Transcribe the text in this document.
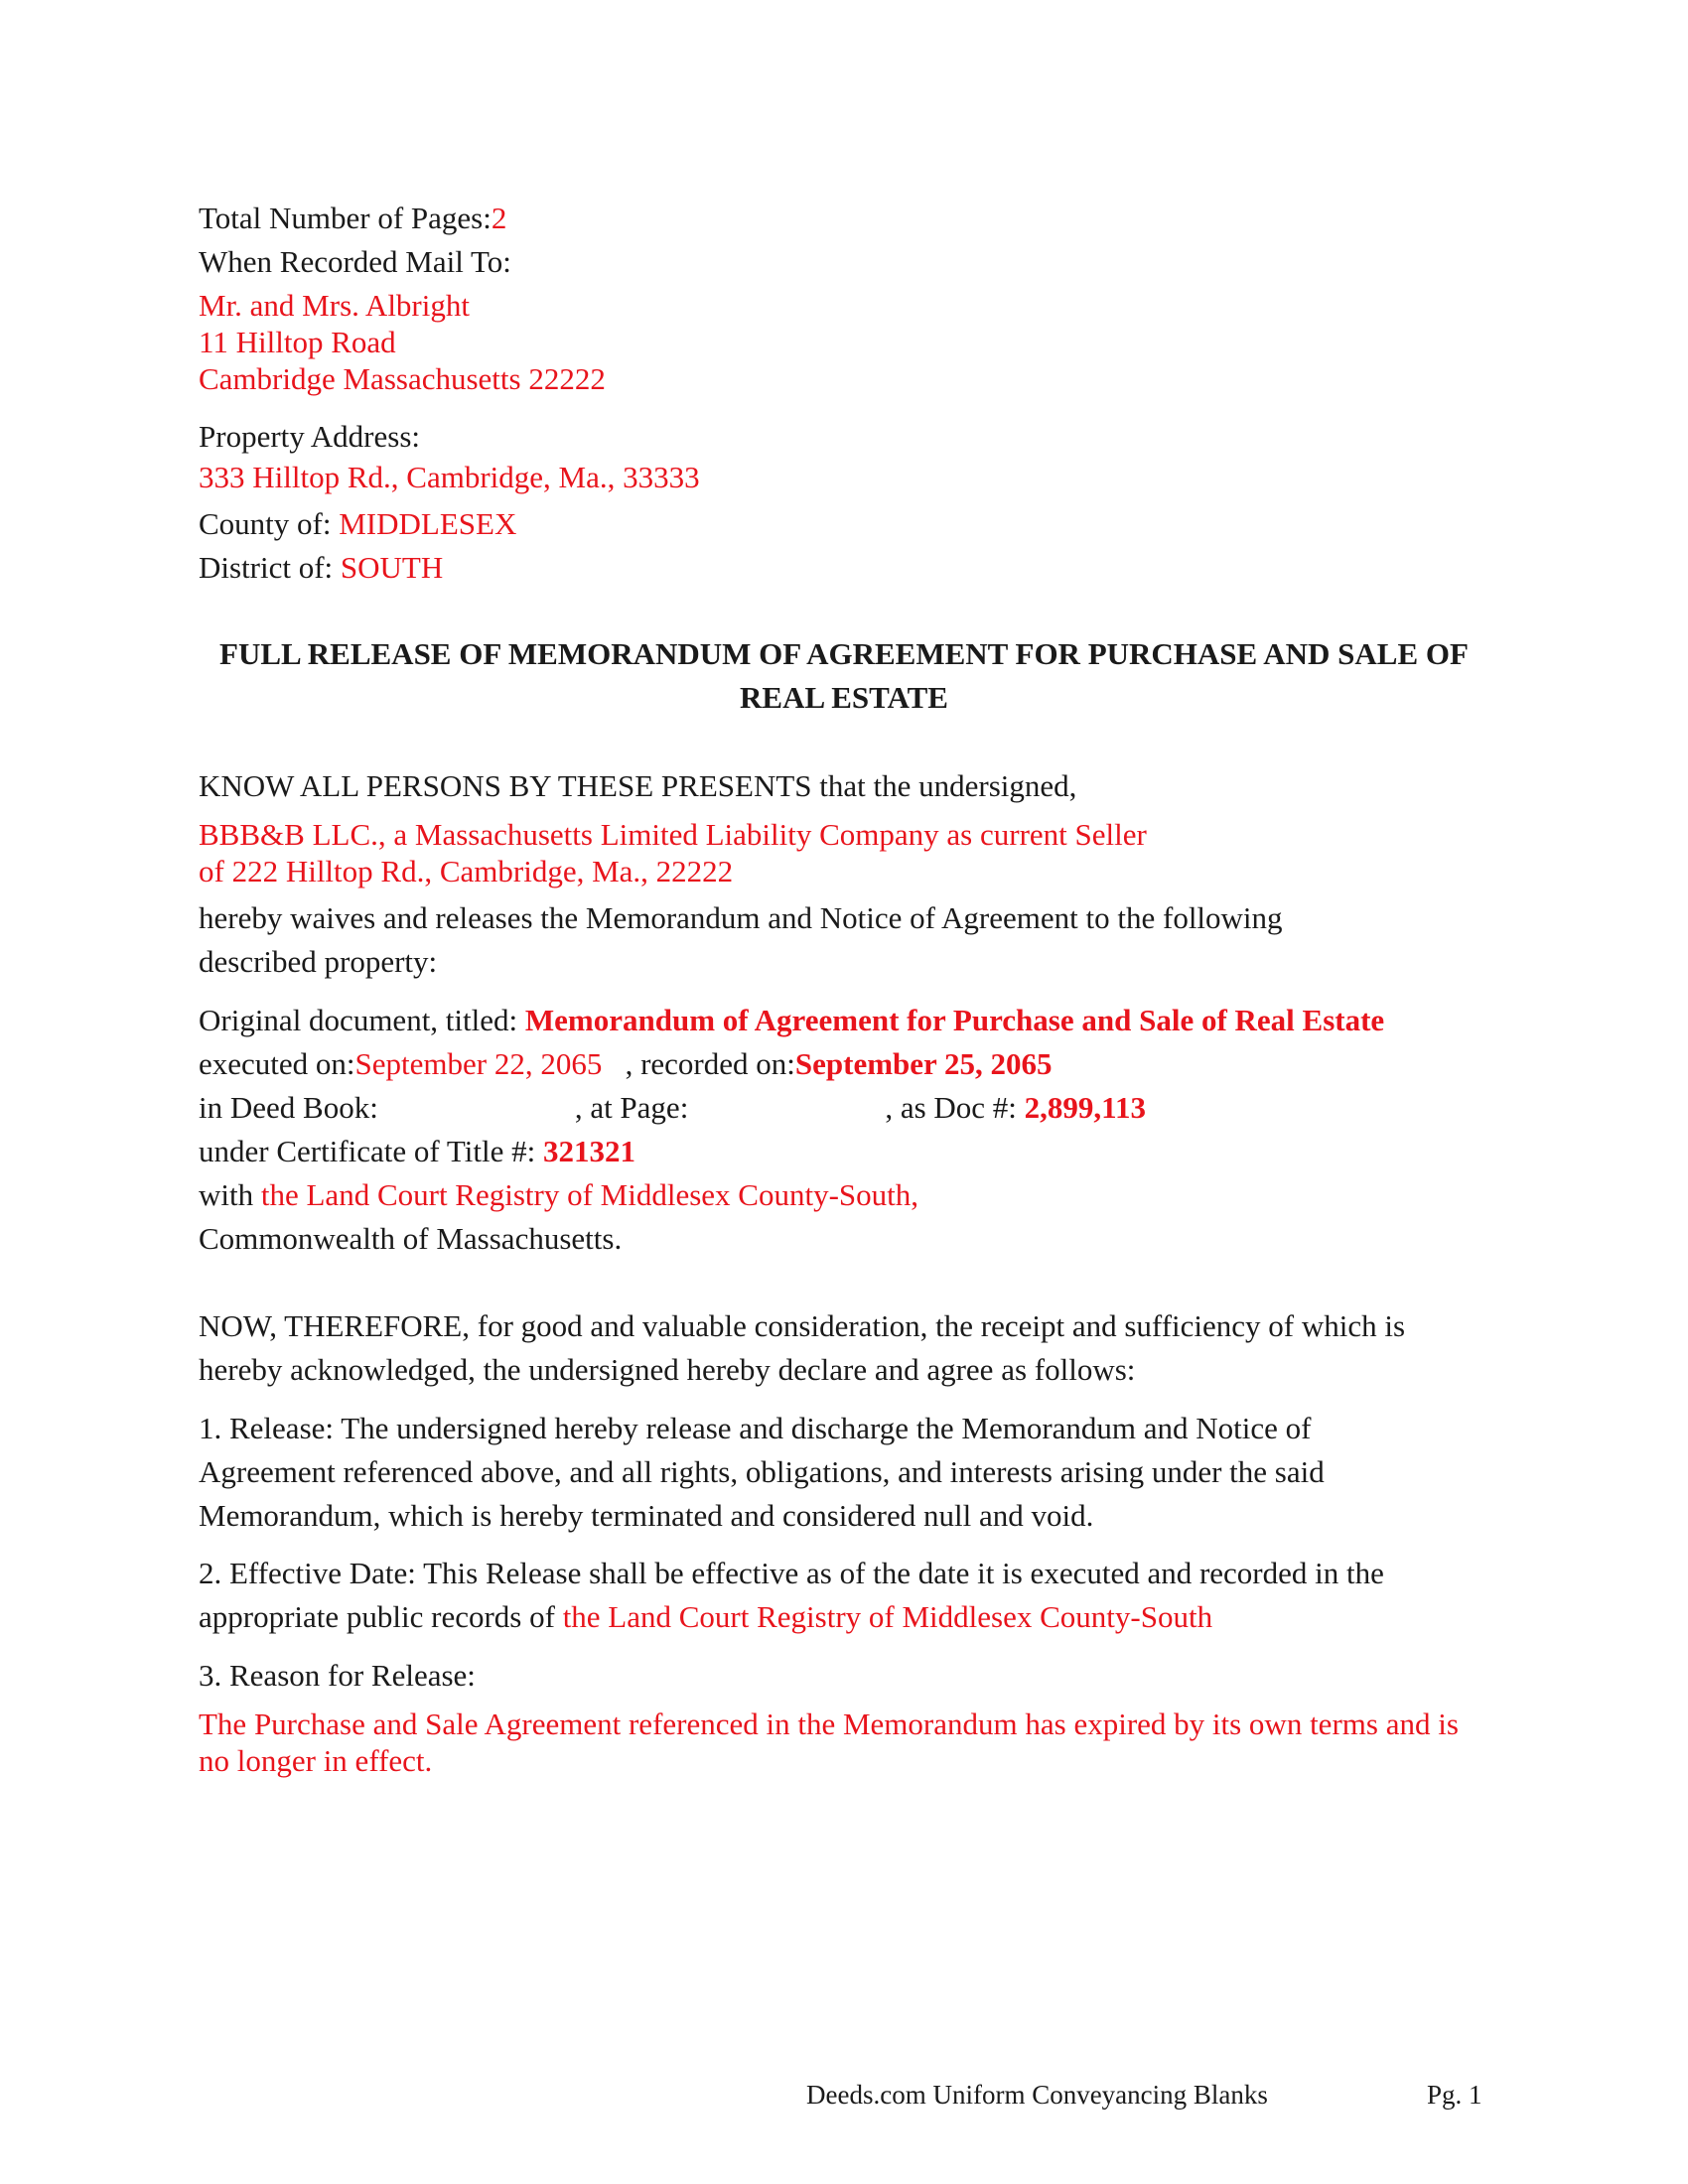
Total Number of Pages:2
When Recorded Mail To:
Mr. and Mrs. Albright
11 Hilltop Road
Cambridge Massachusetts 22222
Property Address:
333 Hilltop Rd., Cambridge, Ma., 33333
County of: MIDDLESEX
District of: SOUTH
FULL RELEASE OF MEMORANDUM OF AGREEMENT FOR PURCHASE AND SALE OF REAL ESTATE
KNOW ALL PERSONS BY THESE PRESENTS that the undersigned,
BBB&B LLC., a Massachusetts Limited Liability Company as current Seller
of 222 Hilltop Rd., Cambridge, Ma., 22222
hereby waives and releases the Memorandum and Notice of Agreement to the following described property:
Original document, titled: Memorandum of Agreement for Purchase and Sale of Real Estate
executed on:September 22, 2065 , recorded on:September 25, 2065
in Deed Book:	, at Page:	, as Doc #: 2,899,113
under Certificate of Title #: 321321
with the Land Court Registry of Middlesex County-South,
Commonwealth of Massachusetts.
NOW, THEREFORE, for good and valuable consideration, the receipt and sufficiency of which is hereby acknowledged, the undersigned hereby declare and agree as follows:
1. Release: The undersigned hereby release and discharge the Memorandum and Notice of Agreement referenced above, and all rights, obligations, and interests arising under the said Memorandum, which is hereby terminated and considered null and void.
2. Effective Date: This Release shall be effective as of the date it is executed and recorded in the appropriate public records of the Land Court Registry of Middlesex County-South
3. Reason for Release:
The Purchase and Sale Agreement referenced in the Memorandum has expired by its own terms and is no longer in effect.
Deeds.com Uniform Conveyancing Blanks	Pg. 1
